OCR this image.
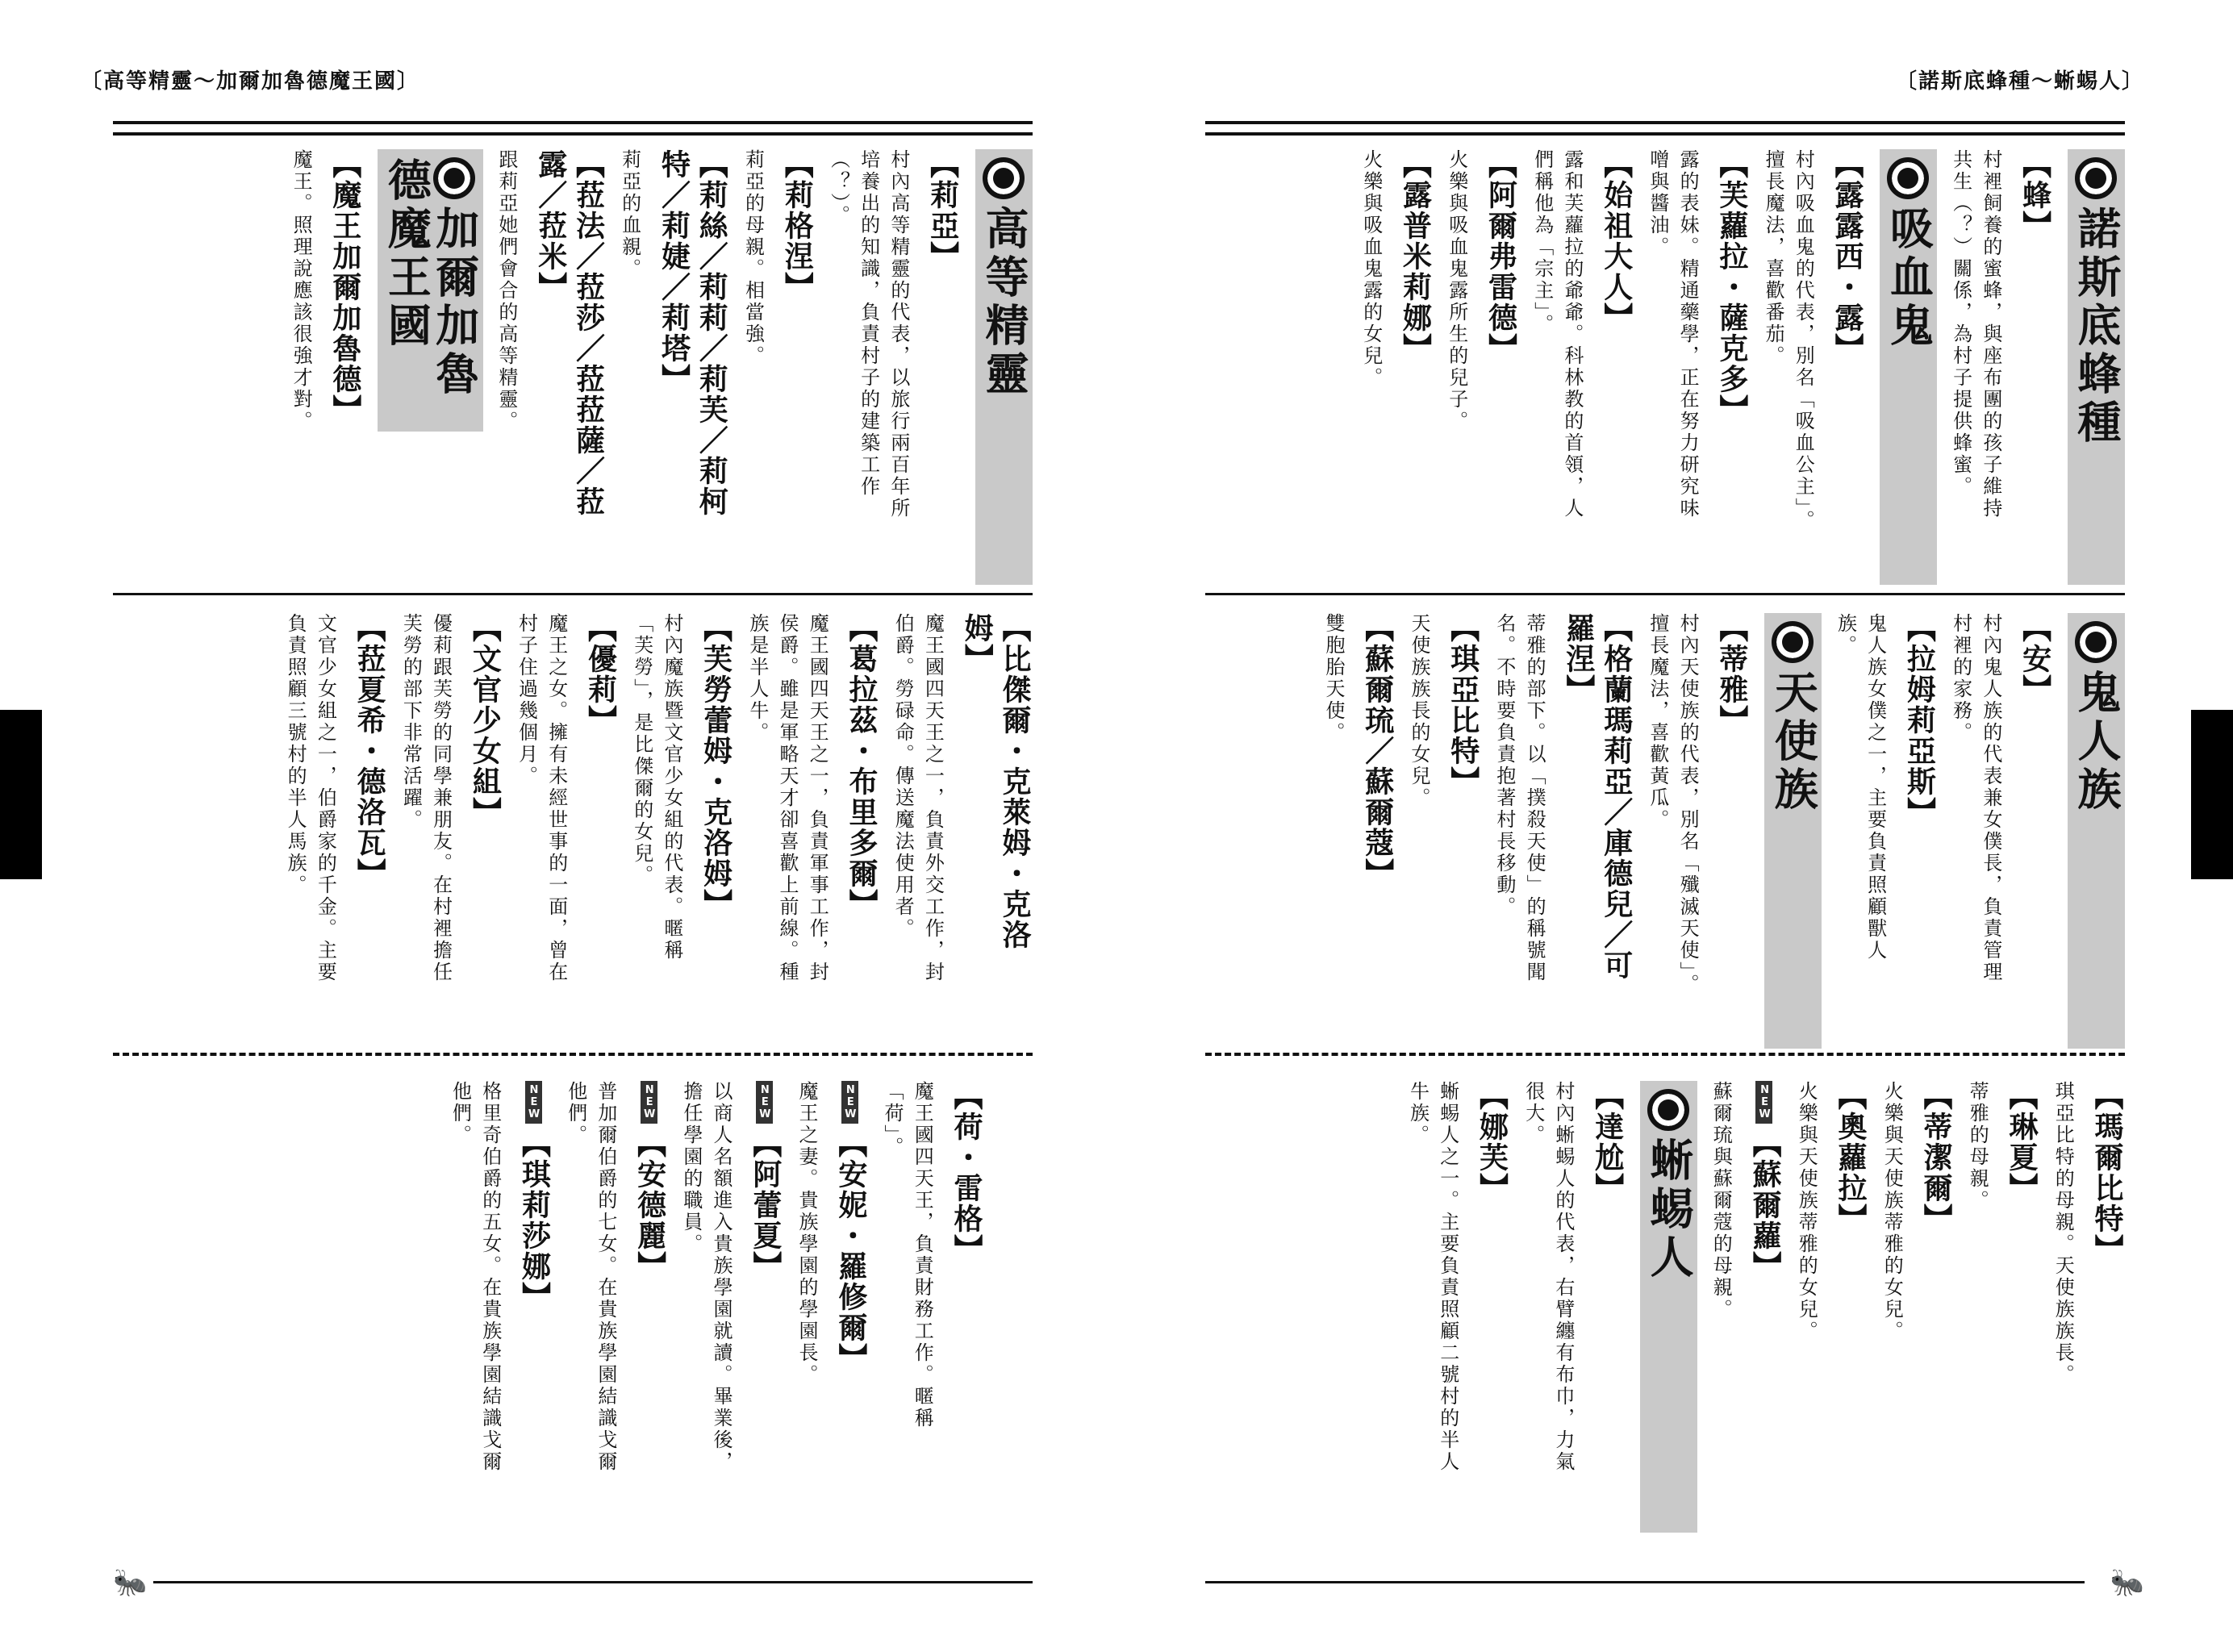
〔高等精靈〜加爾加魯德魔王國〕
高等精靈
【莉亞】
村內高等精靈的代表，以旅行兩百年所培養出的知識，負責村子的建築工作（？）。
【莉格涅】
莉亞的母親。相當強。
【莉絲／莉莉／莉芙／莉柯特／莉婕／莉塔】
莉亞的血親。
【菈法／菈莎／菈菈薩／菈露／菈米】
跟莉亞她們會合的高等精靈。
加爾加魯德魔王國
【魔王加爾加魯德】
魔王。照理說應該很強才對。
【比傑爾・克萊姆・克洛姆】
魔王國四天王之一，負責外交工作，封伯爵。勞碌命。傳送魔法使用者。
【葛拉茲・布里多爾】
魔王國四天王之一，負責軍事工作，封侯爵。雖是軍略天才卻喜歡上前線。種族是半人牛。
【芙勞蕾姆・克洛姆】
村內魔族暨文官少女組的代表。暱稱「芙勞」，是比傑爾的女兒。
【優莉】
魔王之女。擁有未經世事的一面，曾在村子住過幾個月。
【文官少女組】
優莉跟芙勞的同學兼朋友。在村裡擔任芙勞的部下非常活躍。
【菈夏希・德洛瓦】
文官少女組之一，伯爵家的千金。主要負責照顧三號村的半人馬族。
【荷・雷格】
魔王國四天王，負責財務工作。暱稱「荷」。
NEW【安妮・羅修爾】
魔王之妻。貴族學園的學園長。
NEW【阿蕾夏】
以商人名額進入貴族學園就讀。畢業後，擔任學園的職員。
NEW【安德麗】
普加爾伯爵的七女。在貴族學園結識戈爾他們。
NEW【琪莉莎娜】
格里奇伯爵的五女。在貴族學園結識戈爾他們。
🐜
〔諾斯底蜂種〜蜥蜴人〕
諾斯底蜂種
【蜂】
村裡飼養的蜜蜂，與座布團的孩子維持共生（？）關係，為村子提供蜂蜜。
吸血鬼
【露露西・露】
村內吸血鬼的代表，別名「吸血公主」。擅長魔法，喜歡番茄。
【芙蘿拉・薩克多】
露的表妹。精通藥學，正在努力研究味噌與醬油。
【始祖大人】
露和芙蘿拉的爺爺。科林教的首領，人們稱他為「宗主」。
【阿爾弗雷德】
火樂與吸血鬼露所生的兒子。
【露普米莉娜】
火樂與吸血鬼露的女兒。
鬼人族
【安】
村內鬼人族的代表兼女僕長，負責管理村裡的家務。
【拉姆莉亞斯】
鬼人族女僕之一，主要負責照顧獸人族。
天使族
【蒂雅】
村內天使族的代表，別名「殲滅天使」。擅長魔法，喜歡黃瓜。
【格蘭瑪莉亞／庫德兒／可羅涅】
蒂雅的部下。以「撲殺天使」的稱號聞名。不時要負責抱著村長移動。
【琪亞比特】
天使族族長的女兒。
【蘇爾琉／蘇爾蔻】
雙胞胎天使。
【瑪爾比特】
琪亞比特的母親。天使族族長。
【琳夏】
蒂雅的母親。
【蒂潔爾】
火樂與天使族蒂雅的女兒。
【奧蘿拉】
火樂與天使族蒂雅的女兒。
NEW【蘇爾蘿】
蘇爾琉與蘇爾蔻的母親。
蜥蜴人
【達尬】
村內蜥蜴人的代表，右臂纏有布巾，力氣很大。
【娜芙】
蜥蜴人之一。主要負責照顧二號村的半人牛族。
🐜
